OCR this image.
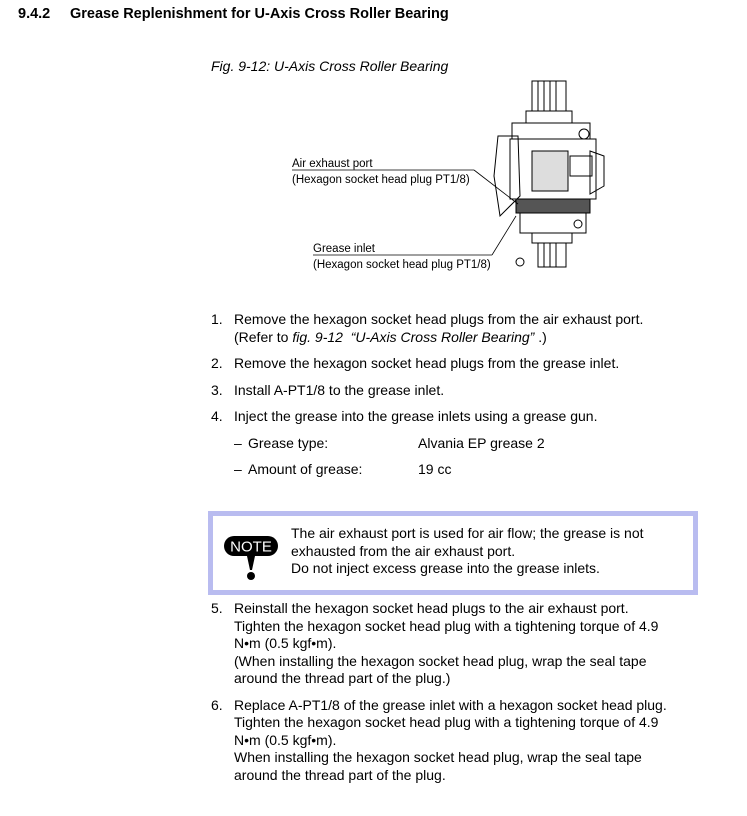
9.4.2 Grease Replenishment for U-Axis Cross Roller Bearing
Fig. 9-12: U-Axis Cross Roller Bearing
Air exhaust port
(Hexagon socket head plug PT1/8)
Grease inlet
(Hexagon socket head plug PT1/8)
1. Remove the hexagon socket head plugs from the air exhaust port.
(Refer to fig. 9-12 “U-Axis Cross Roller Bearing” .)
2. Remove the hexagon socket head plugs from the grease inlet.
3. Install A-PT1/8 to the grease inlet.
4. Inject the grease into the grease inlets using a grease gun.
– Grease type:	Alvania EP grease 2
– Amount of grease:	19 cc
NOTE
The air exhaust port is used for air flow; the grease is not
exhausted from the air exhaust port.
Do not inject excess grease into the grease inlets.
5. Reinstall the hexagon socket head plugs to the air exhaust port.
Tighten the hexagon socket head plug with a tightening torque of 4.9
N•m (0.5 kgf•m).
(When installing the hexagon socket head plug, wrap the seal tape
around the thread part of the plug.)
6. Replace A-PT1/8 of the grease inlet with a hexagon socket head plug.
Tighten the hexagon socket head plug with a tightening torque of 4.9
N•m (0.5 kgf•m).
When installing the hexagon socket head plug, wrap the seal tape
around the thread part of the plug.
